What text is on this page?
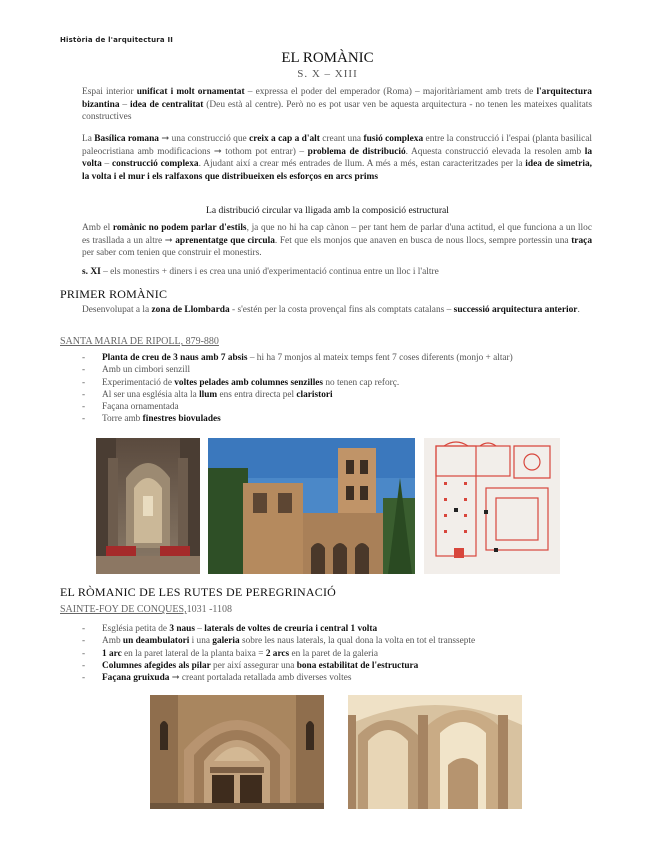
Història de l'arquitectura II
EL ROMÀNIC
S. X – XIII
Espai interior unificat i molt ornamentat – expressa el poder del emperador (Roma) – majoritàriament amb trets de l'arquitectura bizantina – idea de centralitat (Deu està al centre). Però no es pot usar ven be aquesta arquitectura - no tenen les mateixes qualitats constructives
La Basílica romana ➞ una construcció que creix a cap a d'alt creant una fusió complexa entre la construcció i l'espai (planta basilical paleocristiana amb modificacions ➞ tothom pot entrar) – problema de distribució. Aquesta construcció elevada la resolen amb la volta – construcció complexa. Ajudant així a crear més entrades de llum. A més a més, estan caracteritzades per la idea de simetria, la volta i el mur i els ralfaxons que distribueixen els esforços en arcs prims
La distribució circular va lligada amb la composició estructural
Amb el romànic no podem parlar d'estils, ja que no hi ha cap cànon – per tant hem de parlar d'una actitud, el que funciona a un lloc es trasllada a un altre ➞ aprenentatge que circula. Fet que els monjos que anaven en busca de nous llocs, sempre portessin una traça per saber com tenien que construir el monestirs.
s. XI – els monestirs + diners i es crea una unió d'experimentació continua entre un lloc i l'altre
PRIMER ROMÀNIC
Desenvolupat a la zona de Llombarda - s'estén per la costa provençal fins als comptats catalans – successió arquitectura anterior.
SANTA MARIA DE RIPOLL, 879-880
- Planta de creu de 3 naus amb 7 absis – hi ha 7 monjos al mateix temps fent 7 coses diferents (monjo + altar)
- Amb un cimbori senzill
- Experimentació de voltes pelades amb columnes senzilles no tenen cap reforç.
- Al ser una església alta la llum ens entra directa pel claristori
- Façana ornamentada
- Torre amb finestres biovulades
EL RÒMANIC DE LES RUTES DE PEREGRINACIÓ
SAINTE-FOY DE CONQUES,1031 -1108
- Església petita de 3 naus – laterals de voltes de creuria i central 1 volta
- Amb un deambulatori i una galeria sobre les naus laterals, la qual dona la volta en tot el transsepte
- 1 arc en la paret lateral de la planta baixa = 2 arcs en la paret de la galeria
- Columnes afegides als pilar per així assegurar una bona estabilitat de l'estructura
- Façana gruixuda ➞ creant portalada retallada amb diverses voltes
